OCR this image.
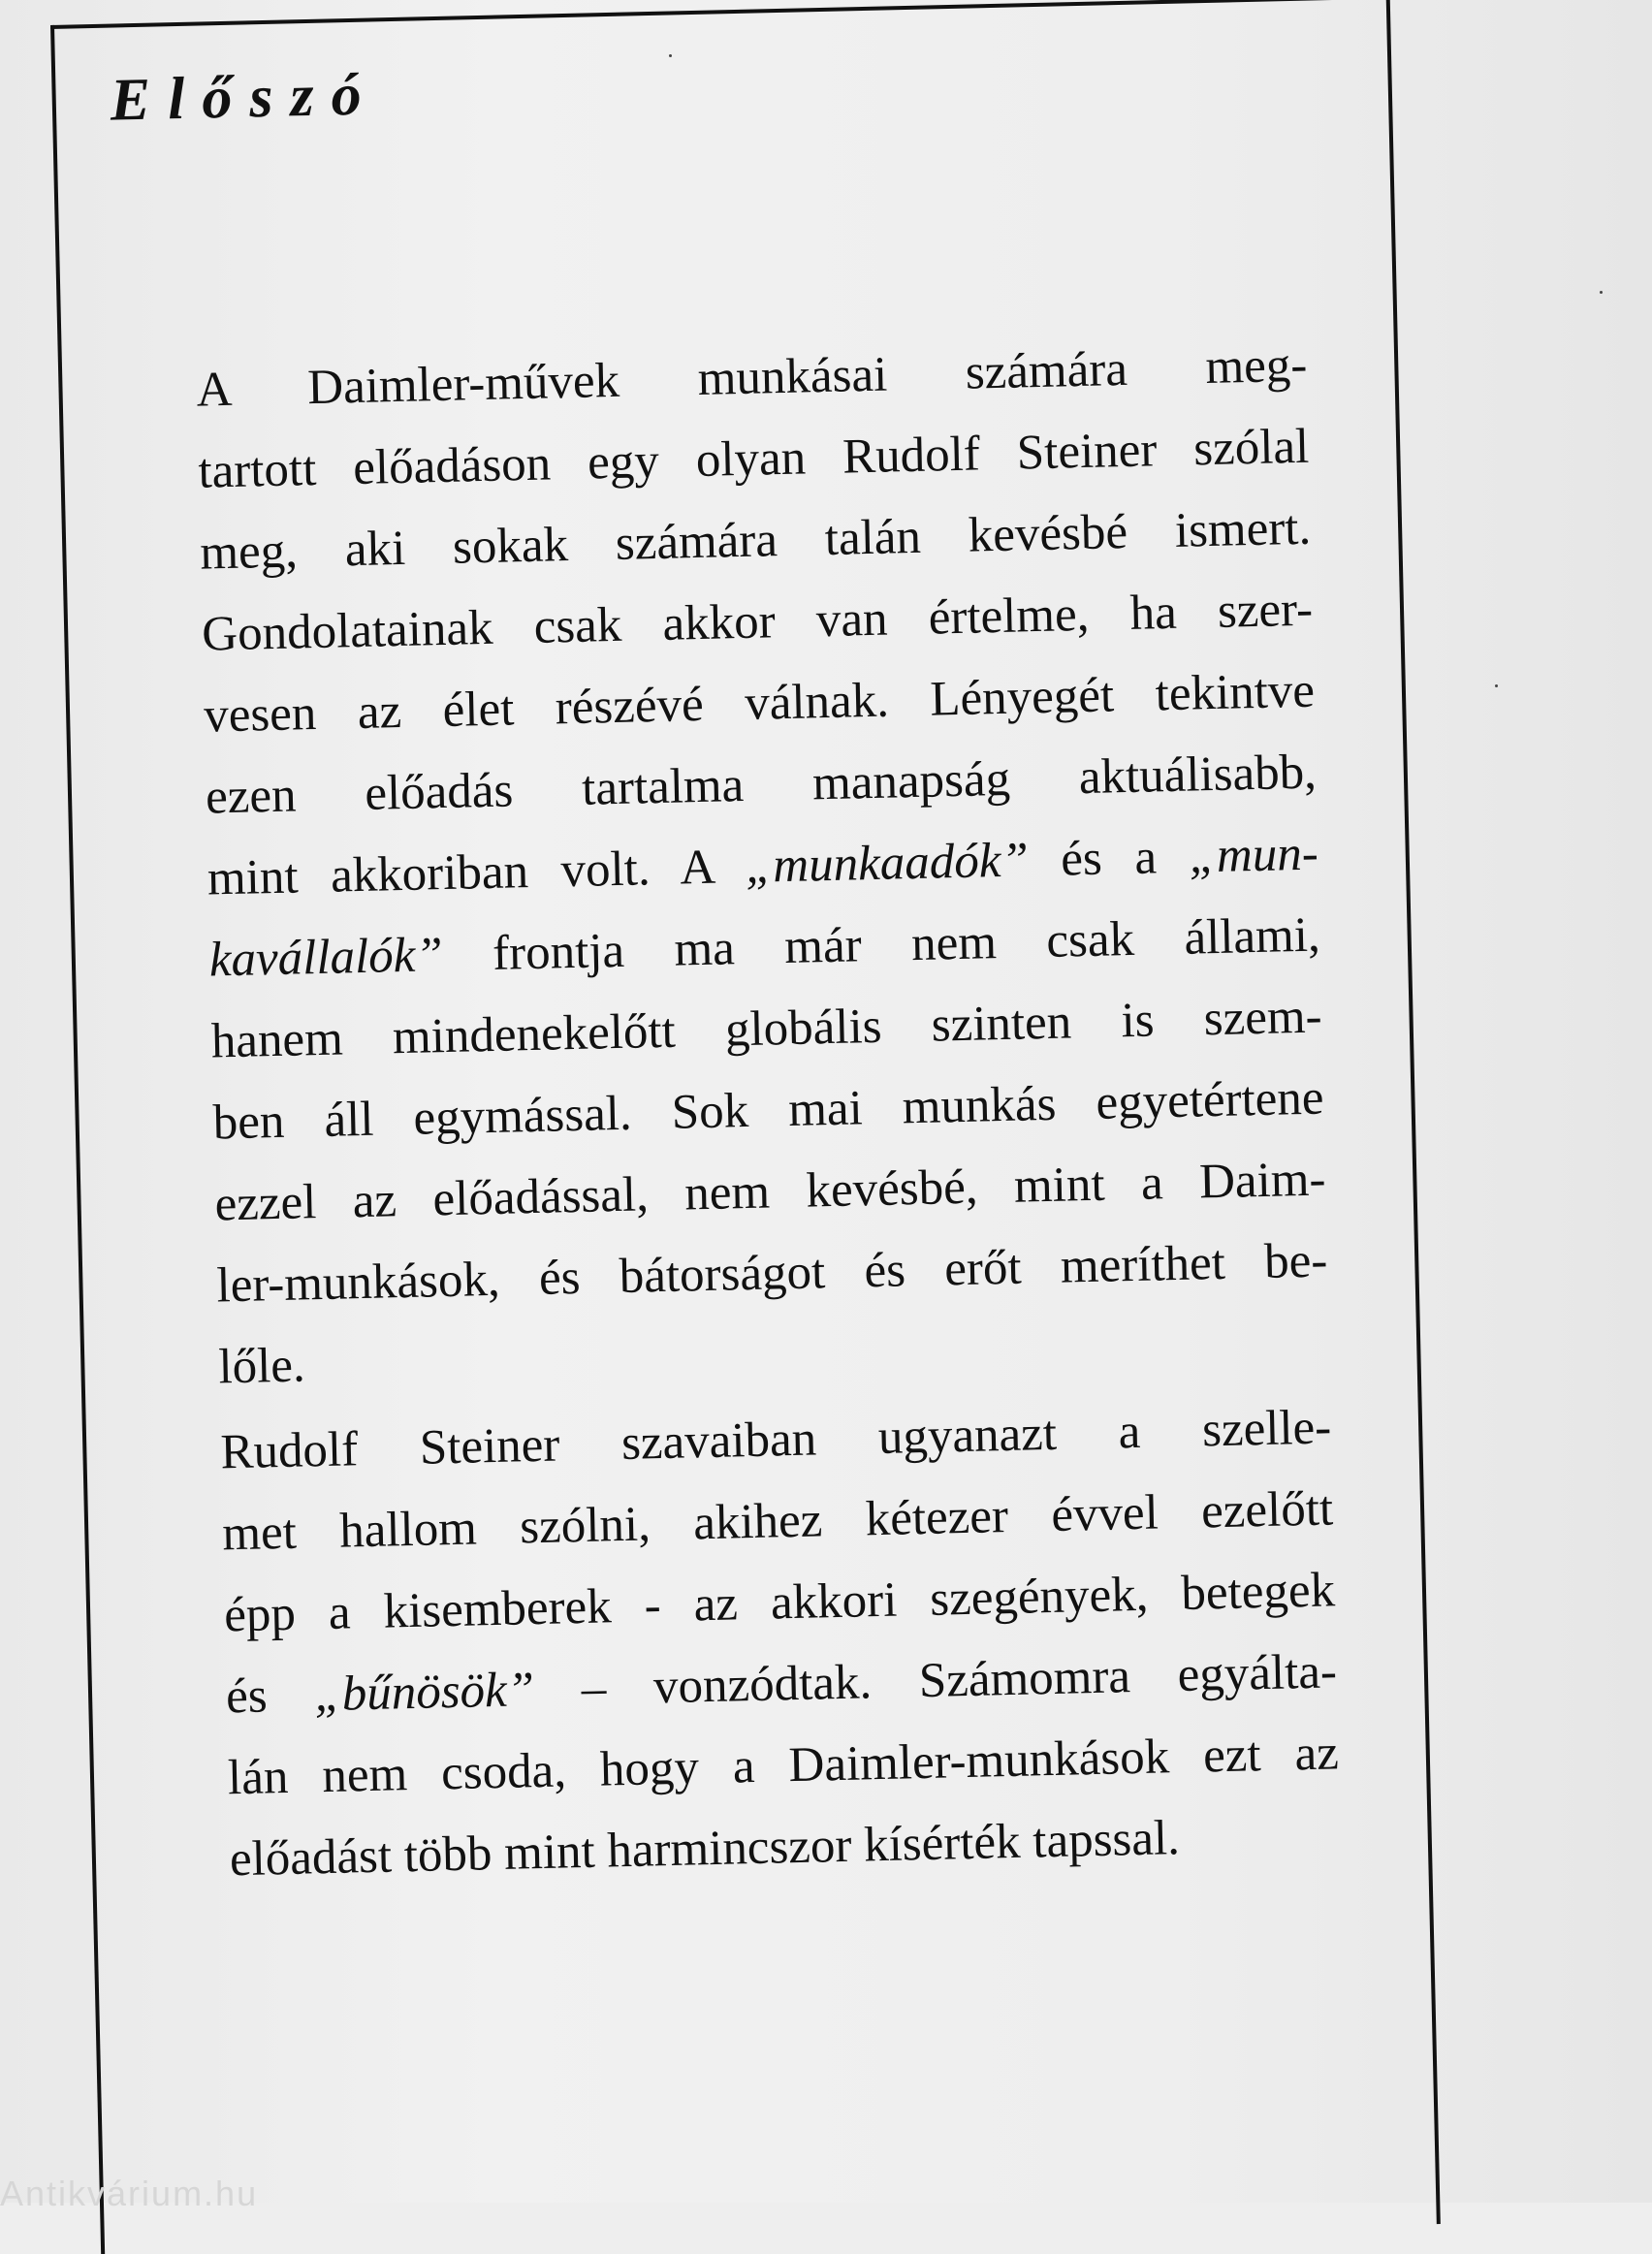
Előszó

A Daimler-művek munkásai számára meg-
tartott előadáson egy olyan Rudolf Steiner szólal
meg, aki sokak számára talán kevésbé ismert.
Gondolatainak csak akkor van értelme, ha szer-
vesen az élet részévé válnak. Lényegét tekintve
ezen előadás tartalma manapság aktuálisabb,
mint akkoriban volt. A „munkaadók” és a „mun-
kavállalók” frontja ma már nem csak állami,
hanem mindenekelőtt globális szinten is szem-
ben áll egymással. Sok mai munkás egyetértene
ezzel az előadással, nem kevésbé, mint a Daim-
ler-munkások, és bátorságot és erőt meríthet be-
lőle.

Rudolf Steiner szavaiban ugyanazt a szelle-
met hallom szólni, akihez kétezer évvel ezelőtt
épp a kisemberek - az akkori szegények, betegek
és „bűnösök” – vonzódtak. Számomra egyálta-
lán nem csoda, hogy a Daimler-munkások ezt az
előadást több mint harmincszor kísérték tapssal.

Antikvárium.hu
